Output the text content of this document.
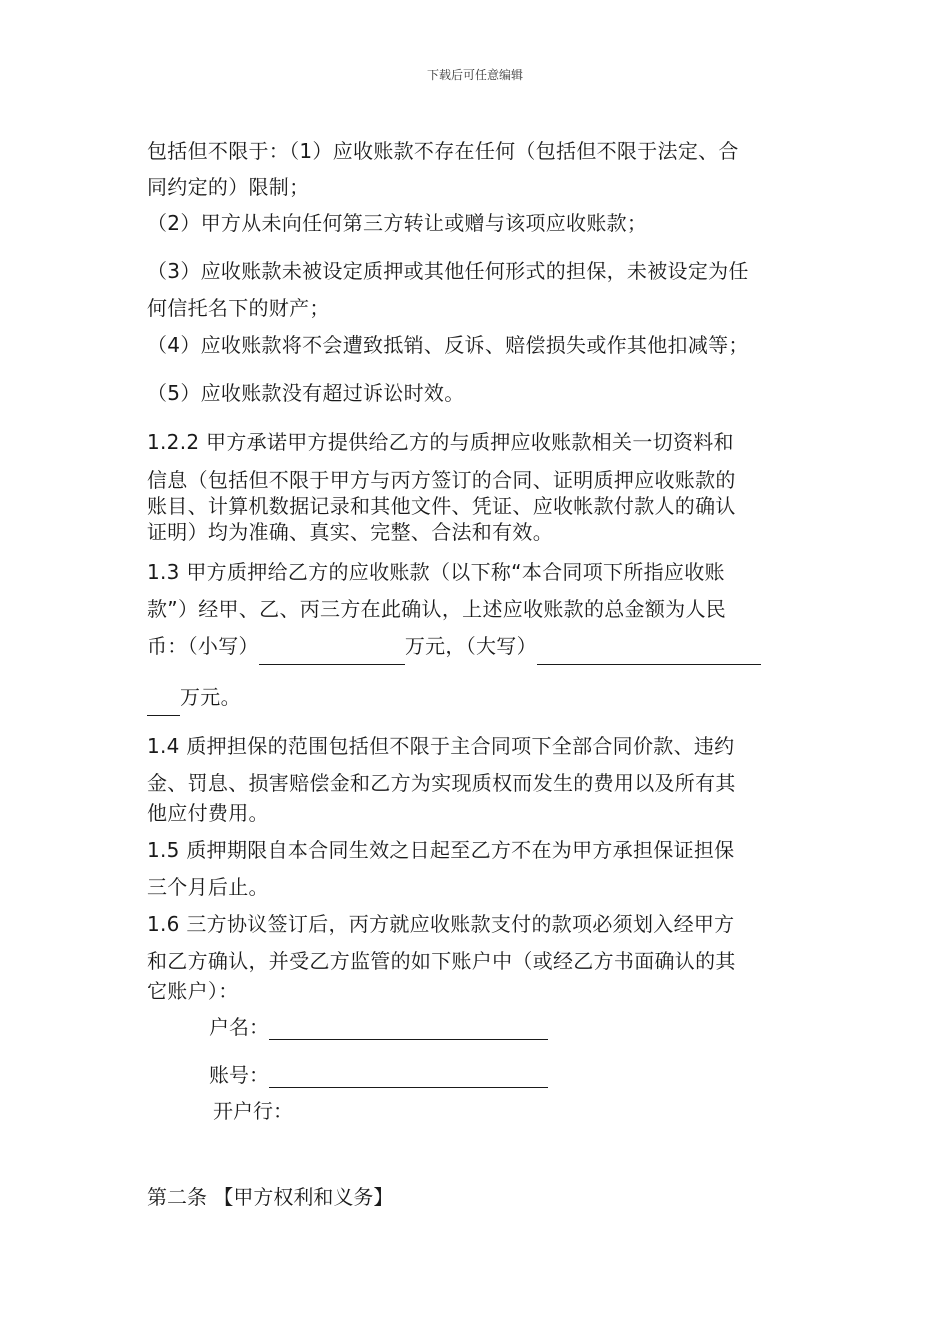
下载后可任意编辑
包括但不限于：（1）应收账款不存在任何（包括但不限于法定、合
同约定的）限制；
（2）甲方从未向任何第三方转让或赠与该项应收账款；
（3）应收账款未被设定质押或其他任何形式的担保，未被设定为任
何信托名下的财产；
（4）应收账款将不会遭致抵销、反诉、赔偿损失或作其他扣减等；
（5）应收账款没有超过诉讼时效。
1.2.2 甲方承诺甲方提供给乙方的与质押应收账款相关一切资料和
信息（包括但不限于甲方与丙方签订的合同、证明质押应收账款的
账目、计算机数据记录和其他文件、凭证、应收帐款付款人的确认
证明）均为准确、真实、完整、合法和有效。
1.3 甲方质押给乙方的应收账款（以下称“本合同项下所指应收账
款”）经甲、乙、丙三方在此确认，上述应收账款的总金额为人民
币：（小写）	万元，（大写）
万元。
1.4 质押担保的范围包括但不限于主合同项下全部合同价款、违约
金、罚息、损害赔偿金和乙方为实现质权而发生的费用以及所有其
他应付费用。
1.5 质押期限自本合同生效之日起至乙方不在为甲方承担保证担保
三个月后止。
1.6 三方协议签订后，丙方就应收账款支付的款项必须划入经甲方
和乙方确认，并受乙方监管的如下账户中（或经乙方书面确认的其
它账户）：
户名：
账号：
开户行：
第二条 【甲方权利和义务】
